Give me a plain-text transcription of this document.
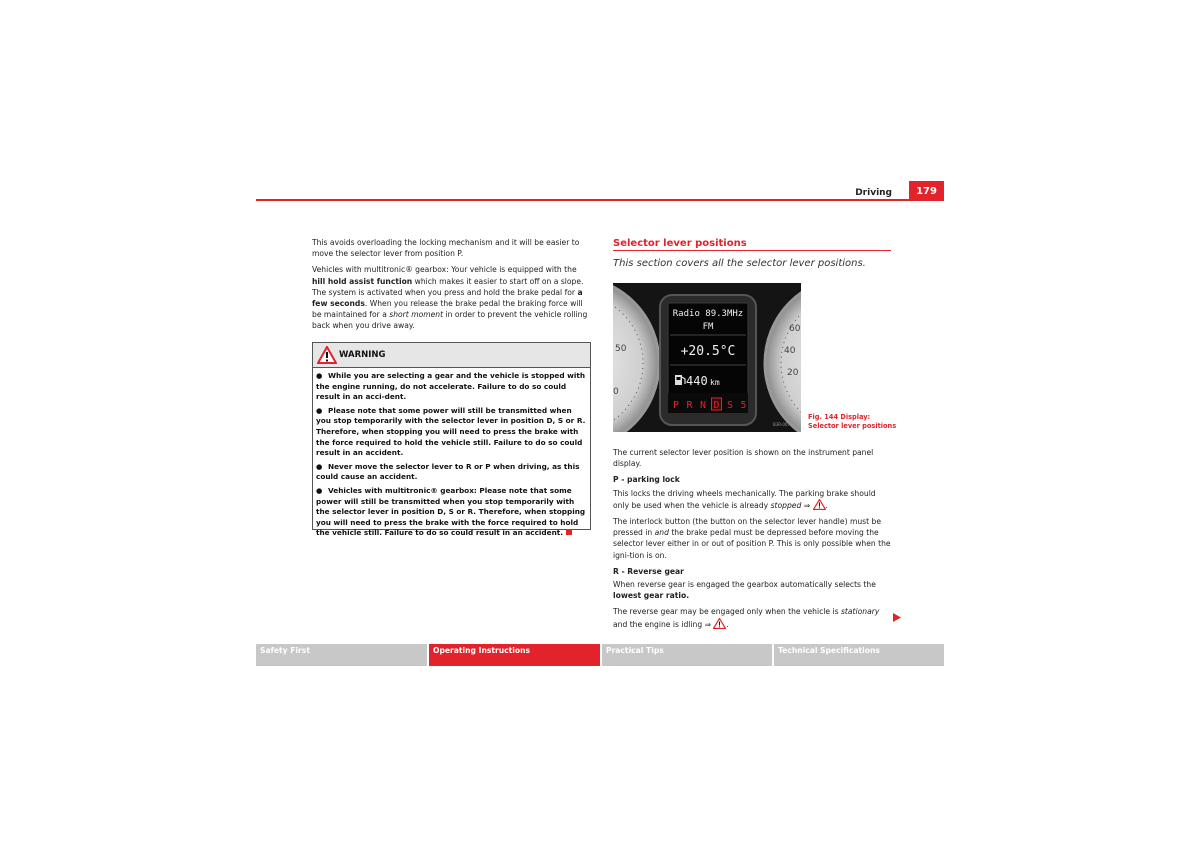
Driving	179

This avoids overloading the locking mechanism and it will be easier to move the selector lever from position P.

Vehicles with multitronic® gearbox: Your vehicle is equipped with the hill hold assist function which makes it easier to start off on a slope. The system is activated when you press and hold the brake pedal for a few seconds. When you release the brake pedal the braking force will be maintained for a short moment in order to prevent the vehicle rolling back when you drive away.

WARNING

● While you are selecting a gear and the vehicle is stopped with the engine running, do not accelerate. Failure to do so could result in an acci-dent.

● Please note that some power will still be transmitted when you stop temporarily with the selector lever in position D, S or R. Therefore, when stopping you will need to press the brake with the force required to hold the vehicle still. Failure to do so could result in an accident.

● Never move the selector lever to R or P when driving, as this could cause an accident.

● Vehicles with multitronic® gearbox: Please note that some power will still be transmitted when you stop temporarily with the selector lever in position D, S or R. Therefore, when stopping you will need to press the brake with the force required to hold the vehicle still. Failure to do so could result in an accident.

Selector lever positions
This section covers all the selector lever positions.
50
0
60
40
20
Radio 89.3MHz
FM
+20.5°C
440 km
P R N D S 5
B3R-0079
Fig. 144 Display:
Selector lever positions

The current selector lever position is shown on the instrument panel display.

P - parking lock

This locks the driving wheels mechanically. The parking brake should only be used when the vehicle is already stopped ⇒ .

The interlock button (the button on the selector lever handle) must be pressed in and the brake pedal must be depressed before moving the selector lever either in or out of position P. This is only possible when the igni-tion is on.

R - Reverse gear

When reverse gear is engaged the gearbox automatically selects the lowest gear ratio.

The reverse gear may be engaged only when the vehicle is stationary and the engine is idling ⇒ .

Safety First	Operating Instructions	Practical Tips	Technical Specifications
